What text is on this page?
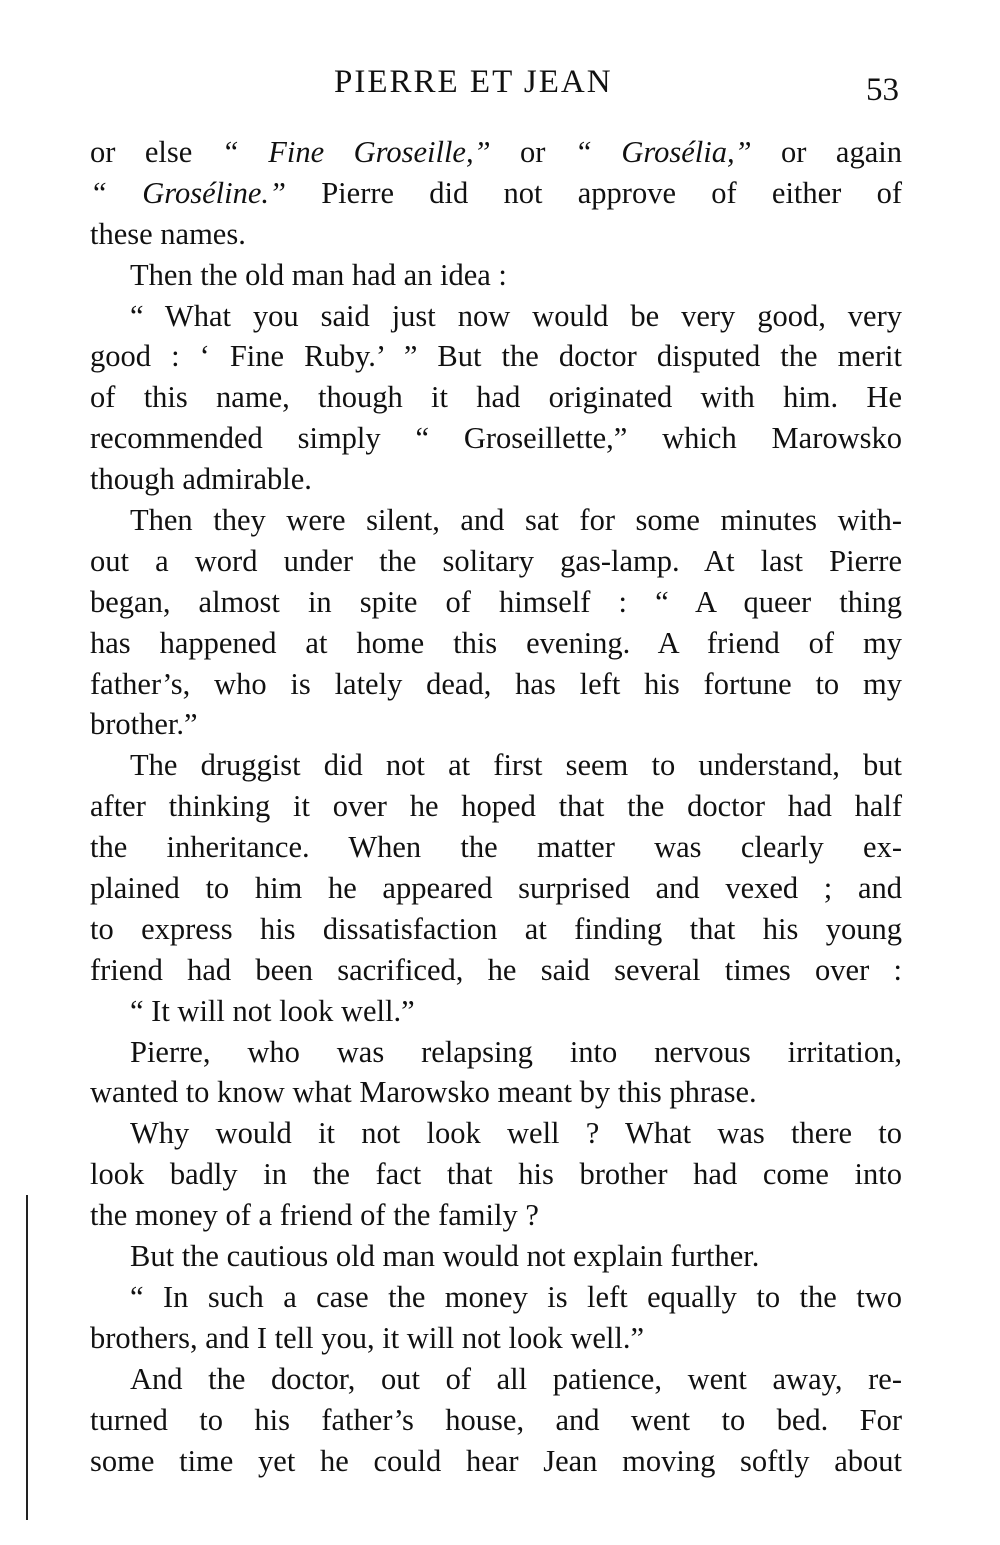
PIERRE ET JEAN	53

or else “ Fine Groseille,” or “ Grosélia,” or again
“ Groséline.” Pierre did not approve of either of
these names.

Then the old man had an idea :

“ What you said just now would be very good, very
good : ‘ Fine Ruby.’ ” But the doctor disputed the merit
of this name, though it had originated with him. He
recommended simply “ Groseillette,” which Marowsko
though admirable.

Then they were silent, and sat for some minutes with-
out a word under the solitary gas-lamp. At last Pierre
began, almost in spite of himself : “ A queer thing
has happened at home this evening. A friend of my
father’s, who is lately dead, has left his fortune to my
brother.”

The druggist did not at first seem to understand, but
after thinking it over he hoped that the doctor had half
the inheritance. When the matter was clearly ex-
plained to him he appeared surprised and vexed ; and
to express his dissatisfaction at finding that his young
friend had been sacrificed, he said several times over :

“ It will not look well.”

Pierre, who was relapsing into nervous irritation,
wanted to know what Marowsko meant by this phrase.

Why would it not look well ? What was there to
look badly in the fact that his brother had come into
the money of a friend of the family ?

But the cautious old man would not explain further.

“ In such a case the money is left equally to the two
brothers, and I tell you, it will not look well.”

And the doctor, out of all patience, went away, re-
turned to his father’s house, and went to bed. For
some time yet he could hear Jean moving softly about
